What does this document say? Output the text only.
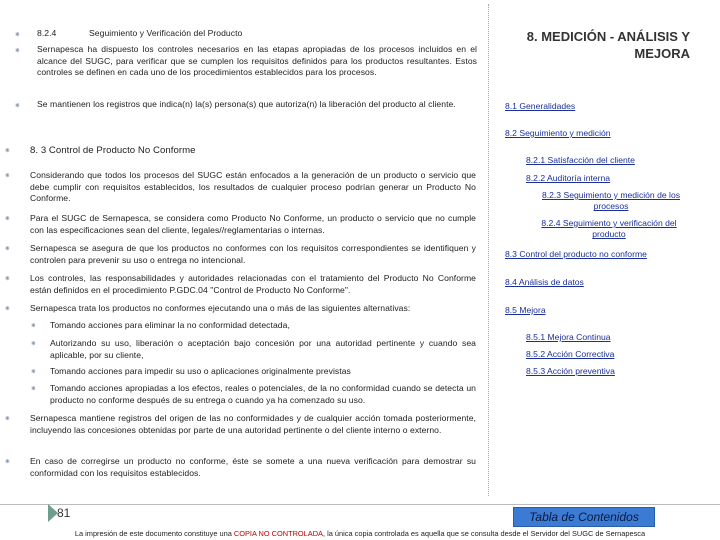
⁕ 8.2.4	Seguimiento y Verificación del Producto
⁕ Sernapesca ha dispuesto los controles necesarios en las etapas apropiadas de los procesos incluidos en el alcance del SUGC, para verificar que se cumplen los requisitos definidos para los productos resultantes. Estos controles se definen en cada uno de los procedimientos establecidos para los procesos.
⁕ Se mantienen los registros que indica(n) la(s) persona(s) que autoriza(n) la liberación del producto al cliente.
⁕ 8. 3 Control de Producto No Conforme
⁕ Considerando que todos los procesos del SUGC están enfocados a la generación de un producto o servicio que debe cumplir con requisitos establecidos, los resultados de cualquier proceso podrían generar un Producto No Conforme.
⁕ Para el SUGC de Sernapesca, se considera como Producto No Conforme, un producto o servicio que no cumple con las especificaciones sean del cliente, legales//reglamentarias o internas.
⁕ Sernapesca se asegura de que los productos no conformes con los requisitos correspondientes se identifiquen y controlen para prevenir su uso o entrega no intencional.
⁕ Los controles, las responsabilidades y autoridades relacionadas con el tratamiento del Producto No Conforme están definidos en el procedimiento P.GDC.04 "Control de Producto No Conforme".
⁕ Sernapesca trata los productos no conformes ejecutando una o más de las siguientes alternativas:
⁕ Tomando acciones para eliminar la no conformidad detectada,
⁕ Autorizando su uso, liberación o aceptación bajo concesión por una autoridad pertinente y cuando sea aplicable, por su cliente,
⁕ Tomando acciones para impedir su uso o aplicaciones originalmente previstas
⁕ Tomando acciones apropiadas a los efectos, reales o potenciales, de la no conformidad cuando se detecta un producto no conforme después de su entrega o cuando ya ha comenzado su uso.
⁕ Sernapesca mantiene registros del origen de las no conformidades y de cualquier acción tomada posteriormente, incluyendo las concesiones obtenidas por parte de una autoridad pertinente o del cliente interno o externo.
⁕ En caso de corregirse un producto no conforme, éste se somete a una nueva verificación para demostrar su conformidad con los requisitos establecidos.
8. MEDICIÓN - ANÁLISIS Y MEJORA
8.1 Generalidades
8.2 Seguimiento y medición
8.2.1 Satisfacción del cliente
8.2.2 Auditoría interna
8.2.3 Seguimiento y medición de los procesos
8.2.4 Seguimiento y verificación del producto
8.3 Control del producto no conforme
8.4 Análisis de datos
8.5 Mejora
8.5.1 Mejora Continua
8.5.2 Acción Correctiva
8.5.3 Acción preventiva
81	Tabla de Contenidos
La impresión de este documento constituye una COPIA NO CONTROLADA, la única copia controlada es aquella que se consulta desde el Servidor del SUGC de Sernapesca
